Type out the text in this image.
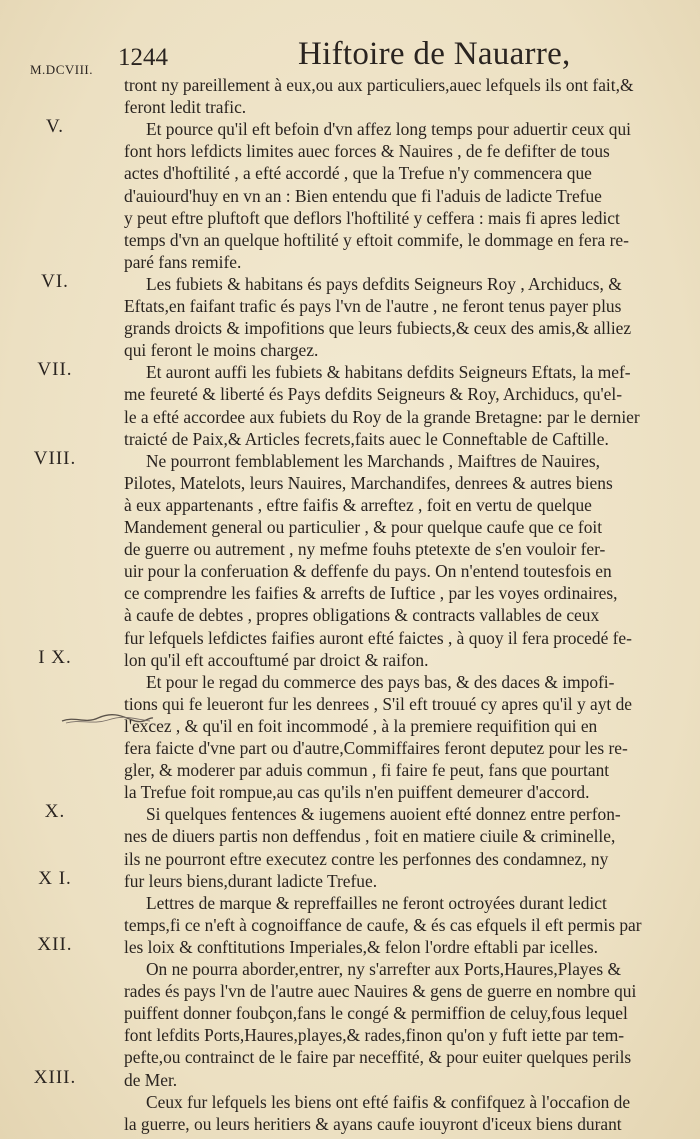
M.DCVIII. 1244	Hiftoire de Nauarre,
tront ny pareillement à eux,ou aux particuliers,auec lefquels ils ont fait,&
feront ledit trafic.
Et pource qu'il eft befoin d'vn affez long temps pour aduertir ceux qui
font hors lefdicts limites auec forces & Nauires , de fe defifter de tous
actes d'hoftilité , a efté accordé , que la Trefue n'y commencera que
d'auiourd'huy en vn an : Bien entendu que fi l'aduis de ladicte Trefue
y peut eftre pluftoft que deflors l'hoftilité y ceffera : mais fi apres ledict
temps d'vn an quelque hoftilité y eftoit commife, le dommage en fera re-
paré fans remife.
Les fubiets & habitans és pays defdits Seigneurs Roy , Archiducs, &
Eftats,en faifant trafic és pays l'vn de l'autre , ne feront tenus payer plus
grands droicts & impofitions que leurs fubiects,& ceux des amis,& alliez
qui feront le moins chargez.
Et auront auffi les fubiets & habitans defdits Seigneurs Eftats, la mef-
me feureté & liberté és Pays defdits Seigneurs & Roy, Archiducs, qu'el-
le a efté accordee aux fubiets du Roy de la grande Bretagne: par le dernier
traicté de Paix,& Articles fecrets,faits auec le Conneftable de Caftille.
Ne pourront femblablement les Marchands , Maiftres de Nauires,
Pilotes, Matelots, leurs Nauires, Marchandifes, denrees & autres biens
à eux appartenants , eftre faifis & arreftez , foit en vertu de quelque
Mandement general ou particulier , & pour quelque caufe que ce foit
de guerre ou autrement , ny mefme fouhs ptetexte de s'en vouloir fer-
uir pour la conferuation & deffenfe du pays. On n'entend toutesfois en
ce comprendre les faifies & arrefts de Iuftice , par les voyes ordinaires,
à caufe de debtes , propres obligations & contracts vallables de ceux
fur lefquels lefdictes faifies auront efté faictes , à quoy il fera procedé fe-
lon qu'il eft accouftumé par droict & raifon.
Et pour le regad du commerce des pays bas, & des daces & impofi-
tions qui fe leueront fur les denrees , S'il eft trouué cy apres qu'il y ayt de
l'excez , & qu'il en foit incommodé , à la premiere requifition qui en
fera faicte d'vne part ou d'autre,Commiffaires feront deputez pour les re-
gler, & moderer par aduis commun , fi faire fe peut, fans que pourtant
la Trefue foit rompue,au cas qu'ils n'en puiffent demeurer d'accord.
Si quelques fentences & iugemens auoient efté donnez entre perfon-
nes de diuers partis non deffendus , foit en matiere ciuile & criminelle,
ils ne pourront eftre executez contre les perfonnes des condamnez, ny
fur leurs biens,durant ladicte Trefue.
Lettres de marque & repreffailles ne feront octroyées durant ledict
temps,fi ce n'eft à cognoiffance de caufe, & és cas efquels il eft permis par
les loix & conftitutions Imperiales,& felon l'ordre eftabli par icelles.
On ne pourra aborder,entrer, ny s'arrefter aux Ports,Haures,Playes &
rades és pays l'vn de l'autre auec Nauires & gens de guerre en nombre qui
puiffent donner foubçon,fans le congé & permiffion de celuy,fous lequel
font lefdits Ports,Haures,playes,& rades,finon qu'on y fuft iette par tem-
pefte,ou contrainct de le faire par neceffité, & pour euiter quelques perils
de Mer.
Ceux fur lefquels les biens ont efté faifis & confifquez à l'occafion de
la guerre, ou leurs heritiers & ayans caufe iouyront d'iceux biens durant
V.
VI.
VII.
VIII.
I X.
X.
X I.
XII.
XIII.
